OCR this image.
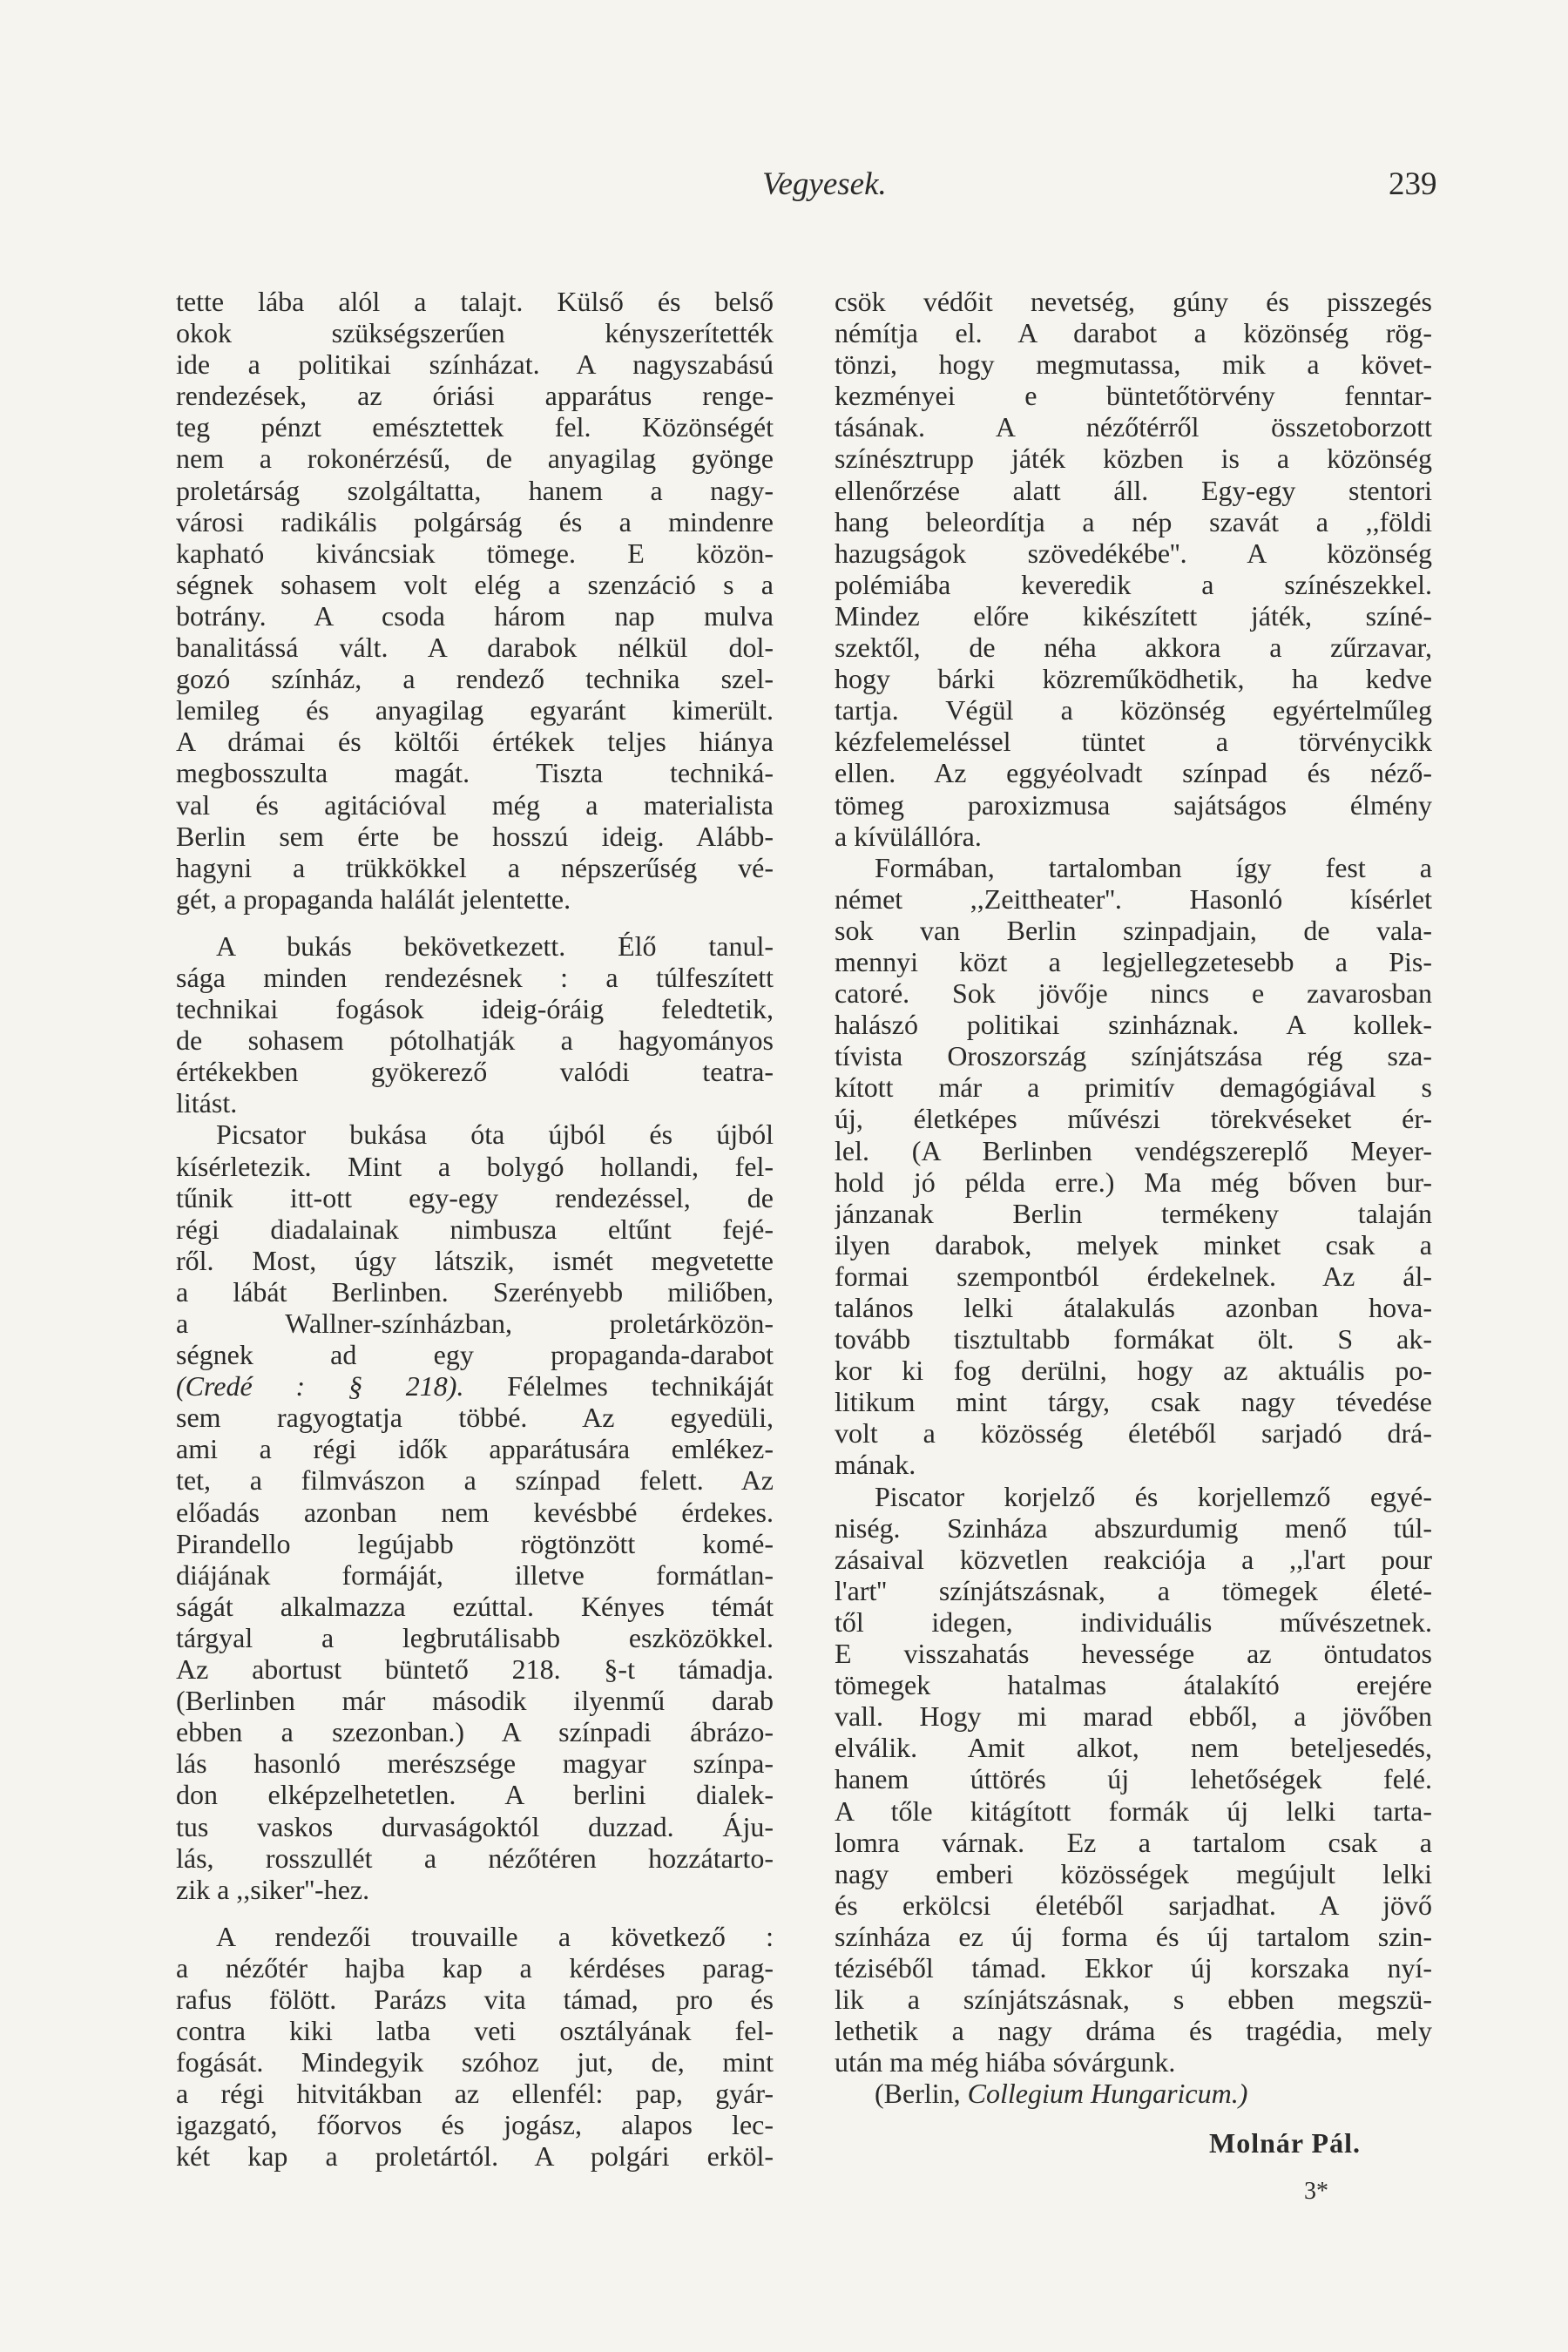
Vegyesek.	239
tette lába alól a talajt. Külső és belső
okok szükségszerűen kényszerítették
ide a politikai színházat. A nagyszabású
rendezések, az óriási apparátus renge-
teg pénzt emésztettek fel. Közönségét
nem a rokonérzésű, de anyagilag gyönge
proletárság szolgáltatta, hanem a nagy-
városi radikális polgárság és a mindenre
kapható kiváncsiak tömege. E közön-
ségnek sohasem volt elég a szenzáció s a
botrány. A csoda három nap mulva
banalitássá vált. A darabok nélkül dol-
gozó színház, a rendező technika szel-
lemileg és anyagilag egyaránt kimerült.
A drámai és költői értékek teljes hiánya
megbosszulta magát. Tiszta techniká-
val és agitációval még a materialista
Berlin sem érte be hosszú ideig. Alább-
hagyni a trükkökkel a népszerűség vé-
gét, a propaganda halálát jelentette.
A bukás bekövetkezett. Élő tanul-
sága minden rendezésnek : a túlfeszített
technikai fogások ideig-óráig feledtetik,
de sohasem pótolhatják a hagyományos
értékekben gyökerező valódi teatra-
litást.
Picsator bukása óta újból és újból
kísérletezik. Mint a bolygó hollandi, fel-
tűnik itt-ott egy-egy rendezéssel, de
régi diadalainak nimbusza eltűnt fejé-
ről. Most, úgy látszik, ismét megvetette
a lábát Berlinben. Szerényebb miliőben,
a Wallner-színházban, proletárközön-
ségnek ad egy propaganda-darabot
(Credé : § 218). Félelmes technikáját
sem ragyogtatja többé. Az egyedüli,
ami a régi idők apparátusára emlékez-
tet, a filmvászon a színpad felett. Az
előadás azonban nem kevésbbé érdekes.
Pirandello legújabb rögtönzött komé-
diájának formáját, illetve formátlan-
ságát alkalmazza ezúttal. Kényes témát
tárgyal a legbrutálisabb eszközökkel.
Az abortust büntető 218. §-t támadja.
(Berlinben már második ilyenmű darab
ebben a szezonban.) A színpadi ábrázo-
lás hasonló merészsége magyar színpa-
don elképzelhetetlen. A berlini dialek-
tus vaskos durvaságoktól duzzad. Áju-
lás, rosszullét a nézőtéren hozzátarto-
zik a ,,siker''-hez.
A rendezői trouvaille a következő :
a nézőtér hajba kap a kérdéses parag-
rafus fölött. Parázs vita támad, pro és
contra kiki latba veti osztályának fel-
fogását. Mindegyik szóhoz jut, de, mint
a régi hitvitákban az ellenfél: pap, gyár-
igazgató, főorvos és jogász, alapos lec-
két kap a proletártól. A polgári erköl-
csök védőit nevetség, gúny és pisszegés
némítja el. A darabot a közönség rög-
tönzi, hogy megmutassa, mik a követ-
kezményei e büntetőtörvény fenntar-
tásának. A nézőtérről összetoborzott
színésztrupp játék közben is a közönség
ellenőrzése alatt áll. Egy-egy stentori
hang beleordítja a nép szavát a ,,földi
hazugságok szövedékébe''. A közönség
polémiába keveredik a színészekkel.
Mindez előre kikészített játék, színé-
szektől, de néha akkora a zűrzavar,
hogy bárki közreműködhetik, ha kedve
tartja. Végül a közönség egyértelműleg
kézfelemeléssel tüntet a törvénycikk
ellen. Az eggyéolvadt színpad és néző-
tömeg paroxizmusa sajátságos élmény
a kívülállóra.
Formában, tartalomban így fest a
német ,,Zeittheater''. Hasonló kísérlet
sok van Berlin szinpadjain, de vala-
mennyi közt a legjellegzetesebb a Pis-
catoré. Sok jövője nincs e zavarosban
halászó politikai szinháznak. A kollek-
tívista Oroszország színjátszása rég sza-
kított már a primitív demagógiával s
új, életképes művészi törekvéseket ér-
lel. (A Berlinben vendégszereplő Meyer-
hold jó példa erre.) Ma még bőven bur-
jánzanak Berlin termékeny talaján
ilyen darabok, melyek minket csak a
formai szempontból érdekelnek. Az ál-
talános lelki átalakulás azonban hova-
tovább tisztultabb formákat ölt. S ak-
kor ki fog derülni, hogy az aktuális po-
litikum mint tárgy, csak nagy tévedése
volt a közösség életéből sarjadó drá-
mának.
Piscator korjelző és korjellemző egyé-
niség. Szinháza abszurdumig menő túl-
zásaival közvetlen reakciója a ,,l'art pour
l'art'' színjátszásnak, a tömegek életé-
től idegen, individuális művészetnek.
E visszahatás hevessége az öntudatos
tömegek hatalmas átalakító erejére
vall. Hogy mi marad ebből, a jövőben
elválik. Amit alkot, nem beteljesedés,
hanem úttörés új lehetőségek felé.
A tőle kitágított formák új lelki tarta-
lomra várnak. Ez a tartalom csak a
nagy emberi közösségek megújult lelki
és erkölcsi életéből sarjadhat. A jövő
színháza ez új forma és új tartalom szin-
téziséből támad. Ekkor új korszaka nyí-
lik a színjátszásnak, s ebben megszü-
lethetik a nagy dráma és tragédia, mely
után ma még hiába sóvárgunk.
(Berlin, Collegium Hungaricum.)
Molnár Pál.
3*
